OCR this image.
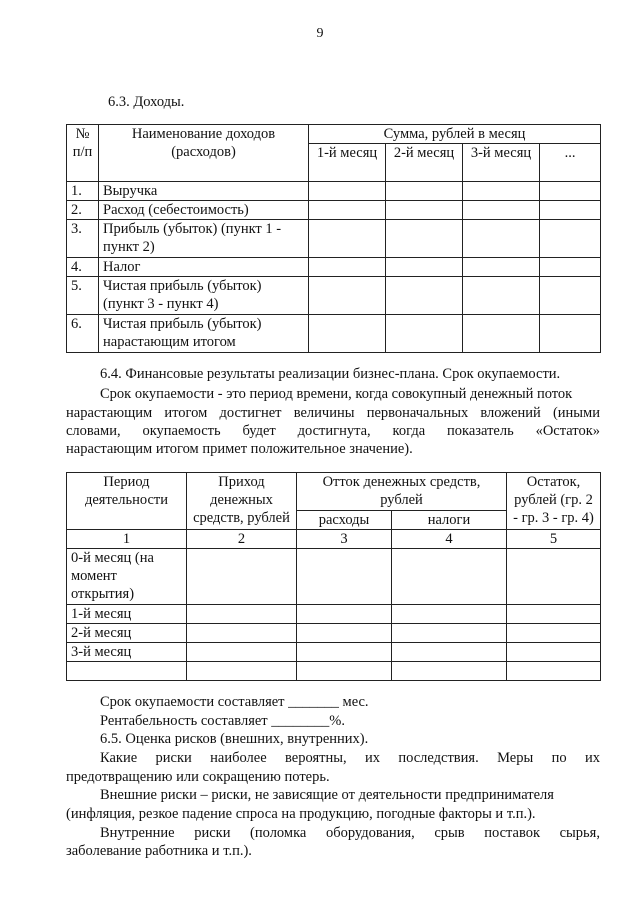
9
6.3. Доходы.
№ п/п	Наименование доходов (расходов)	Сумма, рублей в месяц			
		1-й месяц	2-й месяц	3-й месяц	...
1.	Выручка				
2.	Расход (себестоимость)				
3.	Прибыль (убыток) (пункт 1 - пункт 2)				
4.	Налог				
5.	Чистая прибыль (убыток) (пункт 3 - пункт 4)				
6.	Чистая прибыль (убыток) нарастающим итогом				
6.4. Финансовые результаты реализации бизнес-плана. Срок окупаемости.
Срок окупаемости - это период времени, когда совокупный денежный поток
нарастающим итогом достигнет величины первоначальных вложений (иными
словами, окупаемость будет достигнута, когда показатель «Остаток»
нарастающим итогом примет положительное значение).
Период деятельности	Приход денежных средств, рублей	Отток денежных средств, рублей		Остаток, рублей (гр. 2 - гр. 3 - гр. 4)
		расходы	налоги	
1	2	3	4	5
0-й месяц (на момент открытия)				
1-й месяц				
2-й месяц				
3-й месяц				

Срок окупаемости составляет _______ мес.
Рентабельность составляет ________%.
6.5. Оценка рисков (внешних, внутренних).
Какие риски наиболее вероятны, их последствия. Меры по их
предотвращению или сокращению потерь.
Внешние риски – риски, не зависящие от деятельности предпринимателя
(инфляция, резкое падение спроса на продукцию, погодные факторы и т.п.).
Внутренние риски (поломка оборудования, срыв поставок сырья,
заболевание работника и т.п.).
